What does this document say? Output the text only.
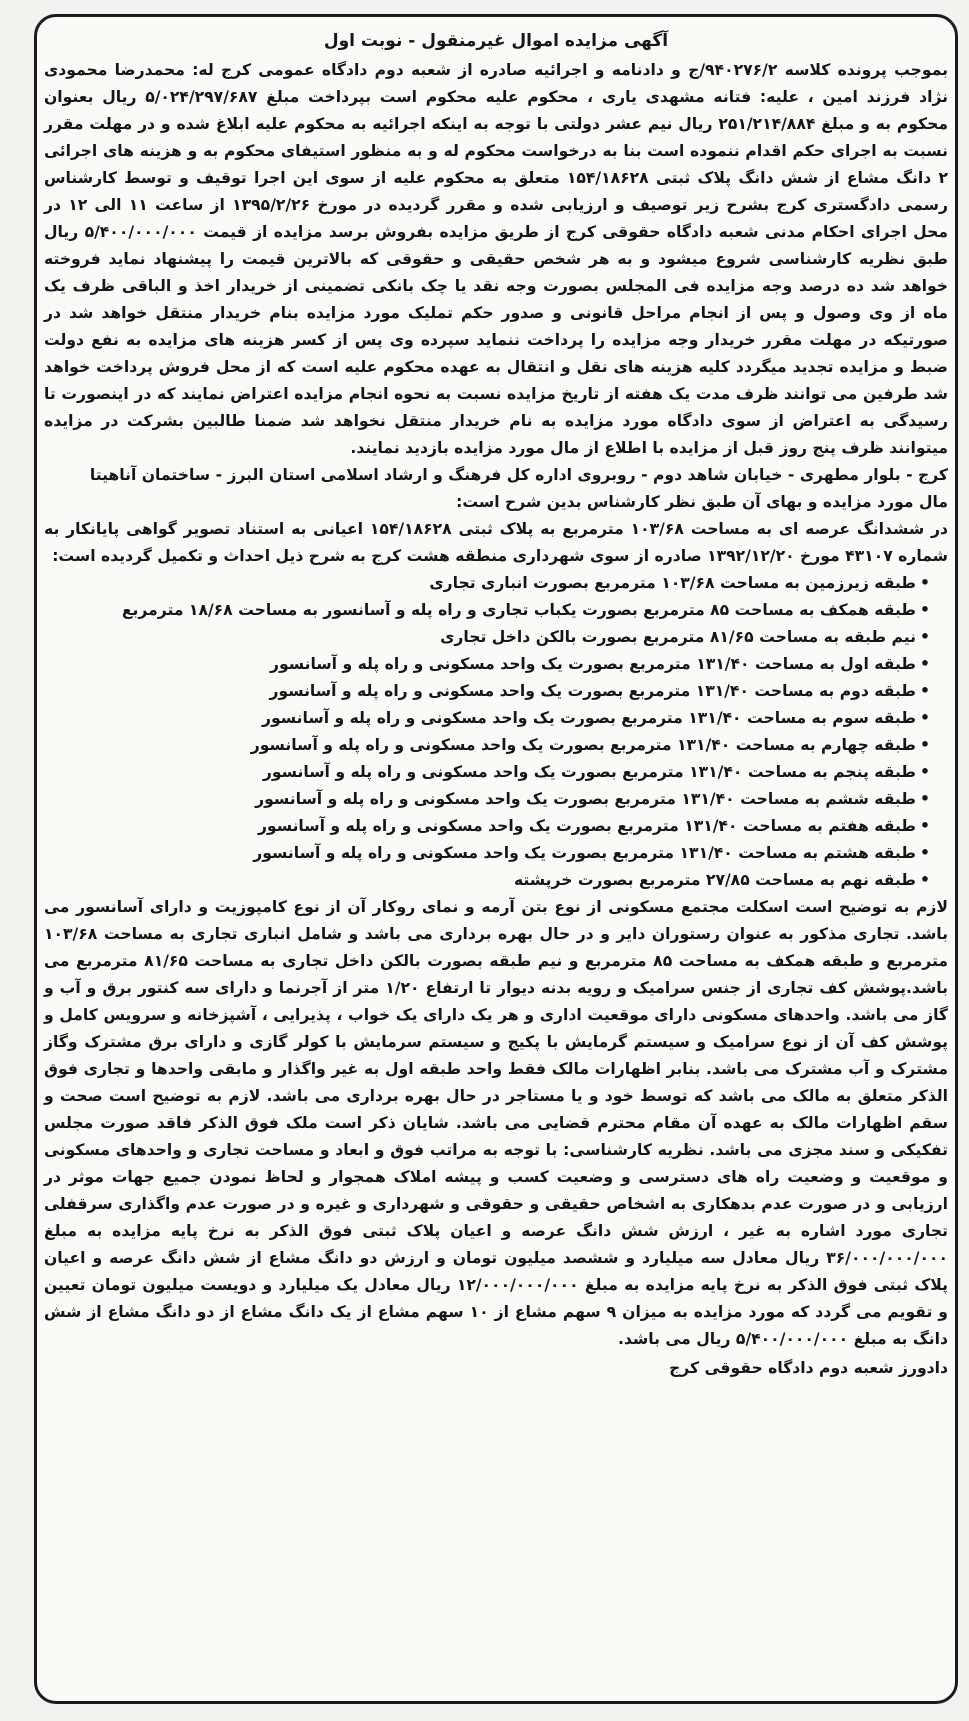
آگهی مزایده اموال غیرمنقول - نوبت اول

بموجب پرونده کلاسه ۹۴۰۲۷۶/۲/ج و دادنامه و اجرائیه صادره از شعبه دوم دادگاه عمومی کرج له: محمدرضا محمودی نژاد فرزند امین ، علیه: فتانه مشهدی یاری ، محکوم علیه محکوم است بپرداخت مبلغ ۵/۰۲۴/۲۹۷/۶۸۷ ریال بعنوان محکوم به و مبلغ ۲۵۱/۲۱۴/۸۸۴ ریال نیم عشر دولتی با توجه به اینکه اجرائیه به محکوم علیه ابلاغ شده و در مهلت مقرر نسبت به اجرای حکم اقدام ننموده است بنا به درخواست محکوم له و به منظور استیفای محکوم به و هزینه های اجرائی ۲ دانگ مشاع از شش دانگ پلاک ثبتی ۱۵۴/۱۸۶۲۸ متعلق به محکوم علیه از سوی این اجرا توقیف و توسط کارشناس رسمی دادگستری کرج بشرح زیر توصیف و ارزیابی شده و مقرر گردیده در مورخ ۱۳۹۵/۲/۲۶ از ساعت ۱۱ الی ۱۲ در محل اجرای احکام مدنی شعبه دادگاه حقوقی کرج از طریق مزایده بفروش برسد مزایده از قیمت ۵/۴۰۰/۰۰۰/۰۰۰ ریال طبق نظریه کارشناسی شروع میشود و به هر شخص حقیقی و حقوقی که بالاترین قیمت را پیشنهاد نماید فروخته خواهد شد ده درصد وجه مزایده فی المجلس بصورت وجه نقد یا چک بانکی تضمینی از خریدار اخذ و الباقی ظرف یک ماه از وی وصول و پس از انجام مراحل قانونی و صدور حکم تملیک مورد مزایده بنام خریدار منتقل خواهد شد در صورتیکه در مهلت مقرر خریدار وجه مزایده را پرداخت ننماید سپرده وی پس از کسر هزینه های مزایده به نفع دولت ضبط و مزایده تجدید میگردد کلیه هزینه های نقل و انتقال به عهده محکوم علیه است که از محل فروش پرداخت خواهد شد طرفین می توانند ظرف مدت یک هفته از تاریخ مزایده نسبت به نحوه انجام مزایده اعتراض نمایند که در اینصورت تا رسیدگی به اعتراض از سوی دادگاه مورد مزایده به نام خریدار منتقل نخواهد شد ضمنا طالبین بشرکت در مزایده میتوانند ظرف پنج روز قبل از مزایده با اطلاع از مال مورد مزایده بازدید نمایند.

کرج - بلوار مطهری - خیابان شاهد دوم - روبروی اداره کل فرهنگ و ارشاد اسلامی استان البرز - ساختمان آناهیتا

مال مورد مزایده و بهای آن طبق نظر کارشناس بدین شرح است:

در ششدانگ عرصه ای به مساحت ۱۰۳/۶۸ مترمربع به پلاک ثبتی ۱۵۴/۱۸۶۲۸ اعیانی به استناد تصویر گواهی پایانکار به شماره ۴۳۱۰۷ مورخ ۱۳۹۲/۱۲/۲۰ صادره از سوی شهرداری منطقه هشت کرج به شرح ذیل احداث و تکمیل گردیده است:

• طبقه زیرزمین به مساحت ۱۰۳/۶۸ مترمربع بصورت انباری تجاری
• طبقه همکف به مساحت ۸۵ مترمربع بصورت یکباب تجاری و راه پله و آسانسور به مساحت ۱۸/۶۸ مترمربع
• نیم طبقه به مساحت ۸۱/۶۵ مترمربع بصورت بالکن داخل تجاری
• طبقه اول به مساحت ۱۳۱/۴۰ مترمربع بصورت یک واحد مسکونی و راه پله و آسانسور
• طبقه دوم به مساحت ۱۳۱/۴۰ مترمربع بصورت یک واحد مسکونی و راه پله و آسانسور
• طبقه سوم به مساحت ۱۳۱/۴۰ مترمربع بصورت یک واحد مسکونی و راه پله و آسانسور
• طبقه چهارم به مساحت ۱۳۱/۴۰ مترمربع بصورت یک واحد مسکونی و راه پله و آسانسور
• طبقه پنجم به مساحت ۱۳۱/۴۰ مترمربع بصورت یک واحد مسکونی و راه پله و آسانسور
• طبقه ششم به مساحت ۱۳۱/۴۰ مترمربع بصورت یک واحد مسکونی و راه پله و آسانسور
• طبقه هفتم به مساحت ۱۳۱/۴۰ مترمربع بصورت یک واحد مسکونی و راه پله و آسانسور
• طبقه هشتم به مساحت ۱۳۱/۴۰ مترمربع بصورت یک واحد مسکونی و راه پله و آسانسور
• طبقه نهم به مساحت ۲۷/۸۵ مترمربع بصورت خرپشته

لازم به توضیح است اسکلت مجتمع مسکونی از نوع بتن آرمه و نمای روکار آن از نوع کامپوزیت و دارای آسانسور می باشد. تجاری مذکور به عنوان رستوران دایر و در حال بهره برداری می باشد و شامل انباری تجاری به مساحت ۱۰۳/۶۸ مترمربع و طبقه همکف به مساحت ۸۵ مترمربع و نیم طبقه بصورت بالکن داخل تجاری به مساحت ۸۱/۶۵ مترمربع می باشد.پوشش کف تجاری از جنس سرامیک و رویه بدنه دیوار تا ارتفاع ۱/۲۰ متر از آجرنما و دارای سه کنتور برق و آب و گاز می باشد. واحدهای مسکونی دارای موقعیت اداری و هر یک دارای یک خواب ، پذیرایی ، آشپزخانه و سرویس کامل و پوشش کف آن از نوع سرامیک و سیستم گرمایش با پکیج و سیستم سرمایش با کولر گازی و دارای برق مشترک وگاز مشترک و آب مشترک می باشد. بنابر اظهارات مالک فقط واحد طبقه اول به غیر واگذار و مابقی واحدها و تجاری فوق الذکر متعلق به مالک می باشد که توسط خود و یا مستاجر در حال بهره برداری می باشد. لازم به توضیح است صحت و سقم اظهارات مالک به عهده آن مقام محترم قضایی می باشد. شایان ذکر است ملک فوق الذکر فاقد صورت مجلس تفکیکی و سند مجزی می باشد. نظریه کارشناسی: با توجه به مراتب فوق و ابعاد و مساحت تجاری و واحدهای مسکونی و موقعیت و وضعیت راه های دسترسی و وضعیت کسب و پیشه املاک همجوار و لحاظ نمودن جمیع جهات موثر در ارزیابی و در صورت عدم بدهکاری به اشخاص حقیقی و حقوقی و شهرداری و غیره و در صورت عدم واگذاری سرقفلی تجاری مورد اشاره به غیر ، ارزش شش دانگ عرصه و اعیان پلاک ثبتی فوق الذکر به نرخ پایه مزایده به مبلغ ۳۶/۰۰۰/۰۰۰/۰۰۰ ریال معادل سه میلیارد و ششصد میلیون تومان و ارزش دو دانگ مشاع از شش دانگ عرصه و اعیان پلاک ثبتی فوق الذکر به نرخ پایه مزایده به مبلغ ۱۲/۰۰۰/۰۰۰/۰۰۰ ریال معادل یک میلیارد و دویست میلیون تومان تعیین و تقویم می گردد که مورد مزایده به میزان ۹ سهم مشاع از ۱۰ سهم مشاع از یک دانگ مشاع از دو دانگ مشاع از شش دانگ به مبلغ ۵/۴۰۰/۰۰۰/۰۰۰ ریال می باشد.

دادورز شعبه دوم دادگاه حقوقی کرج
